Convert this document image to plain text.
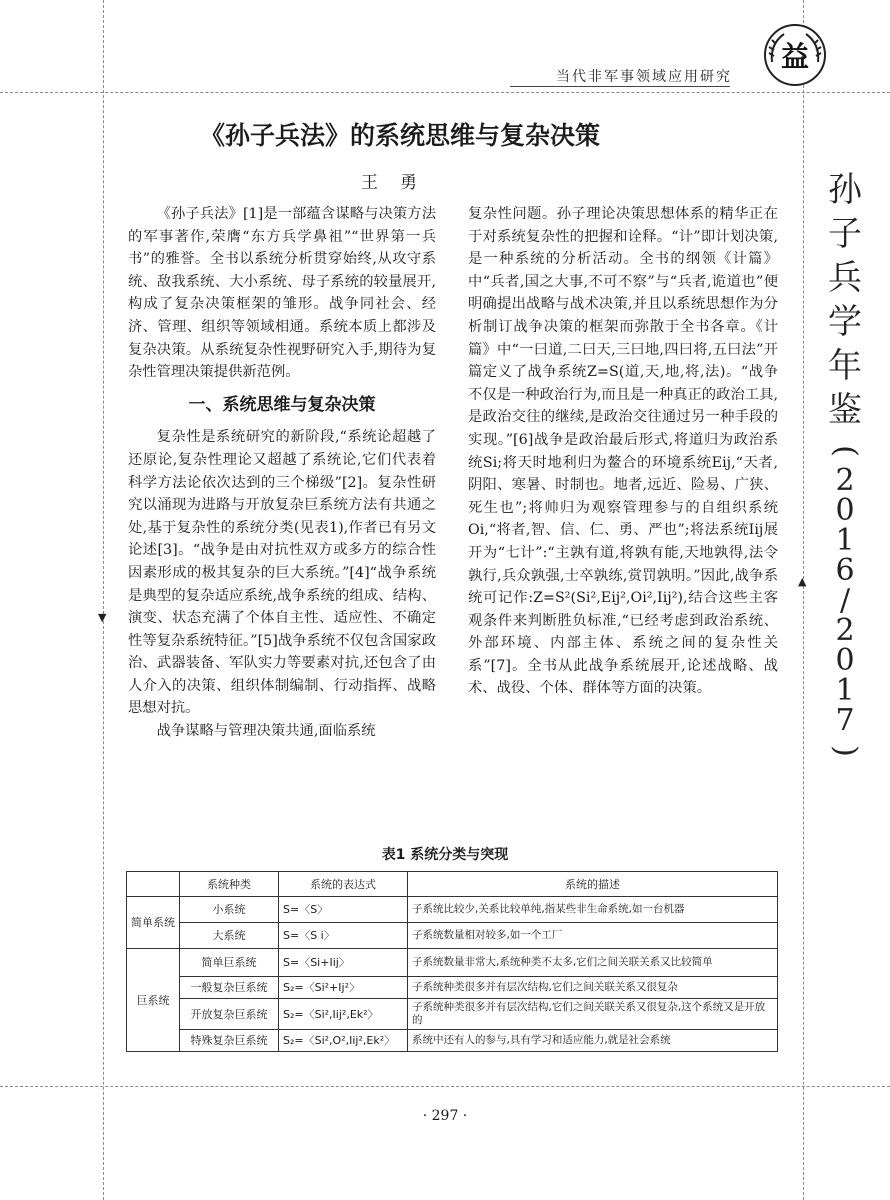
▼
▲
当代非军事领域应用研究
益
孙
子
兵
学
年
鉴
(
2
0
1
6
/
2
0
1
7
)
《孙子兵法》的系统思维与复杂决策
王勇

《孙子兵法》[1]是一部蕴含谋略与决策方法的军事著作,荣膺“东方兵学鼻祖”“世界第一兵书”的雅誉。全书以系统分析贯穿始终,从攻守系统、敌我系统、大小系统、母子系统的较量展开,构成了复杂决策框架的雏形。战争同社会、经济、管理、组织等领域相通。系统本质上都涉及复杂决策。从系统复杂性视野研究入手,期待为复杂性管理决策提供新范例。

一、系统思维与复杂决策

复杂性是系统研究的新阶段,“系统论超越了还原论,复杂性理论又超越了系统论,它们代表着科学方法论依次达到的三个梯级”[2]。复杂性研究以涌现为进路与开放复杂巨系统方法有共通之处,基于复杂性的系统分类(见表1),作者已有另文论述[3]。“战争是由对抗性双方或多方的综合性因素形成的极其复杂的巨大系统。”[4]“战争系统是典型的复杂适应系统,战争系统的组成、结构、演变、状态充满了个体自主性、适应性、不确定性等复杂系统特征。”[5]战争系统不仅包含国家政治、武器装备、军队实力等要素对抗,还包含了由人介入的决策、组织体制编制、行动指挥、战略思想对抗。

战争谋略与管理决策共通,面临系统

复杂性问题。孙子理论决策思想体系的精华正在于对系统复杂性的把握和诠释。“计”即计划决策,是一种系统的分析活动。全书的纲领《计篇》中“兵者,国之大事,不可不察”与“兵者,诡道也”便明确提出战略与战术决策,并且以系统思想作为分析制订战争决策的框架而弥散于全书各章。《计篇》中“一曰道,二曰天,三曰地,四曰将,五曰法”开篇定义了战争系统Z=S(道,天,地,将,法)。“战争不仅是一种政治行为,而且是一种真正的政治工具,是政治交往的继续,是政治交往通过另一种手段的实现。”[6]战争是政治最后形式,将道归为政治系统Si;将天时地利归为鳌合的环境系统Eij,“天者,阴阳、寒暑、时制也。地者,远近、险易、广狭、死生也”;将帅归为观察管理参与的自组织系统Oi,“将者,智、信、仁、勇、严也”;将法系统Iij展开为“七计”:“主孰有道,将孰有能,天地孰得,法令孰行,兵众孰强,士卒孰练,赏罚孰明。”因此,战争系统可记作:Z=S²(Si²,Eij²,Oi²,Iij²),结合这些主客观条件来判断胜负标准,“已经考虑到政治系统、外部环境、内部主体、系统之间的复杂性关系”[7]。全书从此战争系统展开,论述战略、战术、战役、个体、群体等方面的决策。

表1 系统分类与突现
	系统种类	系统的表达式	系统的描述
简单系统	小系统	S=〈S〉	子系统比较少,关系比较单纯,指某些非生命系统,如一台机器
	大系统	S=〈S i〉	子系统数量相对较多,如一个工厂
巨系统	简单巨系统	S=〈Si+Iij〉	子系统数量非常大,系统种类不太多,它们之间关联关系又比较简单
	一般复杂巨系统	S₂=〈Si²+Ij²〉	子系统种类很多并有层次结构,它们之间关联关系又很复杂
	开放复杂巨系统	S₂=〈Si²,Iij²,Ek²〉	子系统种类很多并有层次结构,它们之间关联关系又很复杂,这个系统又是开放的
	特殊复杂巨系统	S₂=〈Si²,O²,Iij²,Ek²〉	系统中还有人的参与,具有学习和适应能力,就是社会系统
· 297 ·
